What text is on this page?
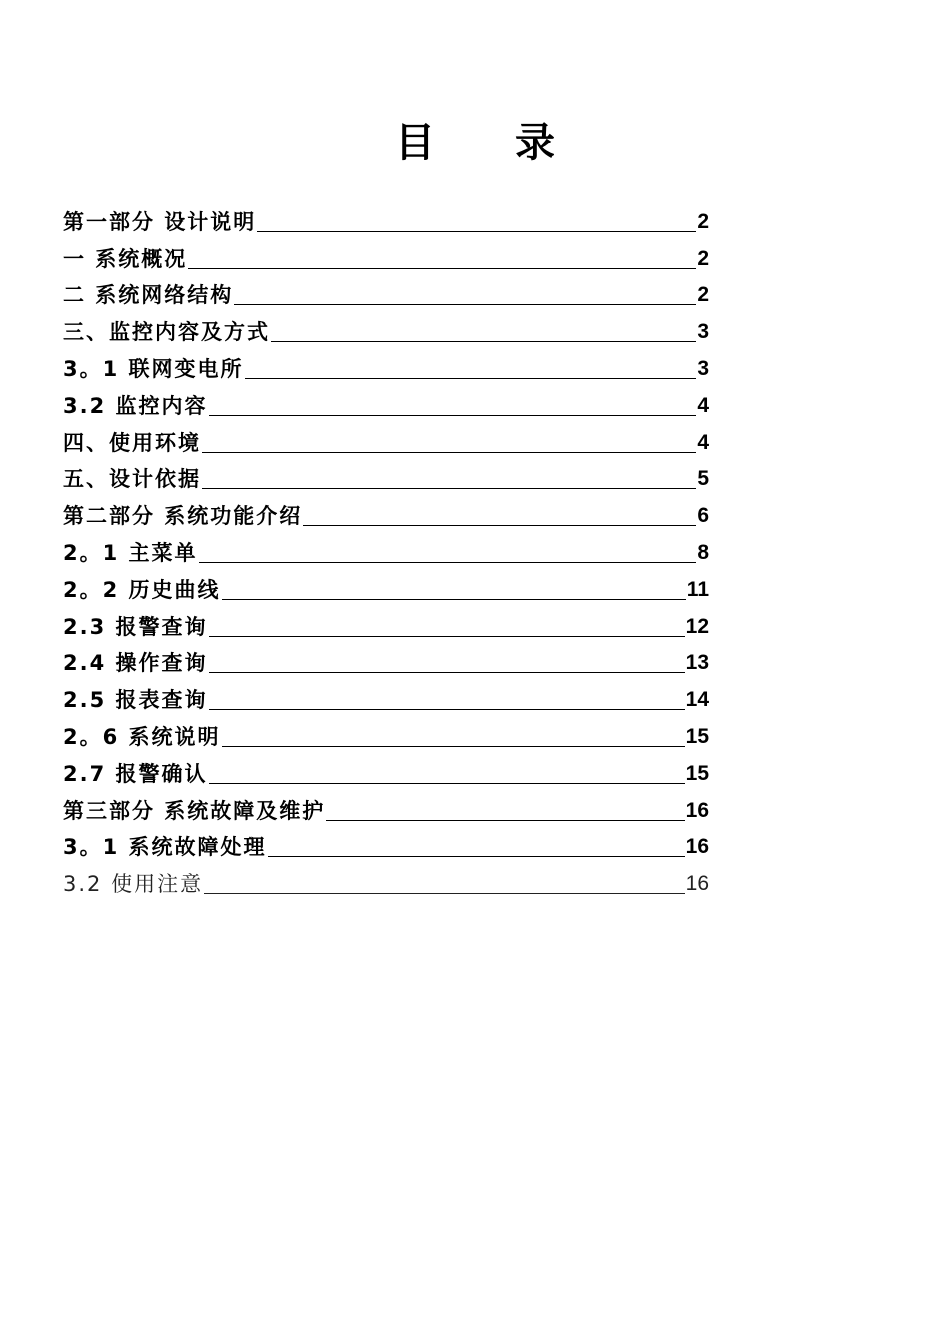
目录
第一部分 设计说明	2
一 系统概况	2
二 系统网络结构	2
三、监控内容及方式	3
3。1 联网变电所	3
3.2 监控内容	4
四、使用环境	4
五、设计依据	5
第二部分 系统功能介绍	6
2。1 主菜单	8
2。2 历史曲线	11
2.3 报警查询	12
2.4 操作查询	13
2.5 报表查询	14
2。6 系统说明	15
2.7 报警确认	15
第三部分 系统故障及维护	16
3。1 系统故障处理	16
3.2 使用注意	16
